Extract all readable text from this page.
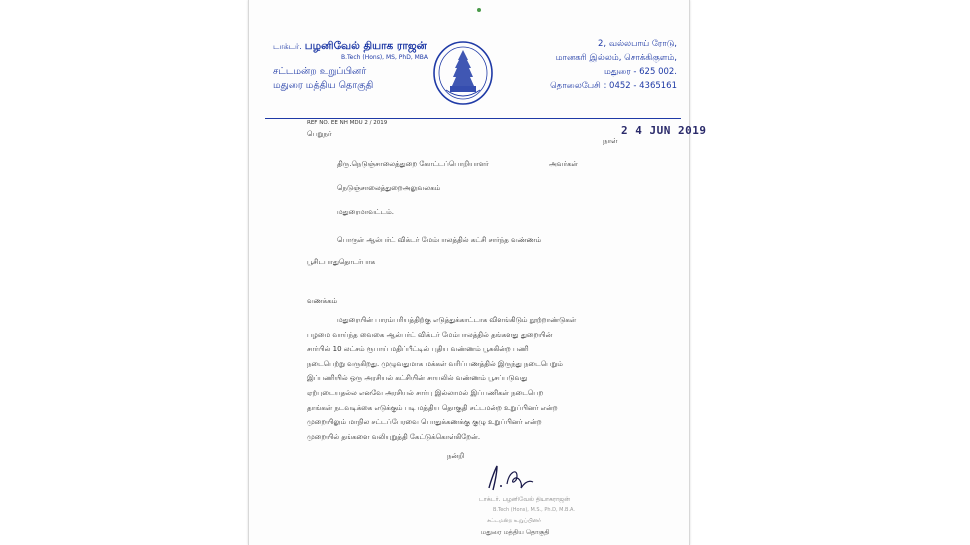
டாக்டர். பழனிவேல் தியாக ராஜன்
B.Tech (Hons), MS, PhD, MBA
சட்டமன்ற உறுப்பினர்
மதுரை மத்திய தொகுதி
2, வல்லபாய் ரோடு,
மானகரி இல்லம், சொக்கிகுளம்,
மதுரை - 625 002.
தொலைபேசி : 0452 - 4365161
REF NO. EE NH MDU 2 / 2019
பெறுநர்	2 4 JUN 2019
நாள்
திரு.நெடுஞ்சாலைத்துறை கோட்டப்பொறியாளர்	அவர்கள்
நெடுஞ்சாலைத்துறைஅலுவலகம்
மதுரைமாவட்டம்.
பொருள் ஆல்பர்ட் விக்டர் மேம்பாலத்தில் கட்சி சார்ந்த வண்ணம்
பூசிடபாதுதொடர்பாக
வணக்கம்
மதுரையின் பாரம்பரியத்திற்கு எடுத்துக்காட்டாக விளங்கிடும் நூற்றாண்டுகள்
பழமை வாய்ந்த வைகை ஆல்பர்ட் விக்டர் மேம்பாலத்தில் தங்களது துறையின்
சார்பில் 10 லட்சம் ரூபாய் மதிப்பீட்டில் புதிய வண்ணம் பூசுகின்ற பணி
நடைபெற்று வருகிறது. முழுவதுமாக மக்கள் வரிப்பணத்தில் இருந்து நடைபெறும்
இப்பணியில் ஒரு அரசியல் கட்சியின் சாயலில் வண்ணம் பூசப்படுவது
ஏற்புடையதல்ல எனவே அரசியல் சார்பு இல்லாமல் இப்பணிகள் நடைபெற
தாங்கள் நடவடிக்கை எடுக்கும் படி மத்திய தொகுதி சட்டமன்ற உறுப்பினர் என்ற
முறையிலும் மாநில சட்டப்பேரவை பொதுக்கணக்கு குழு உறுப்பினர் என்ற
முறையில் தங்களை வலியுறுத்தி கேட்டுக்கொள்கிறேன்.
நன்றி
டாக்டர். பழனிவேல் தியாகராஜன்
B.Tech (Hons), M.S., Ph.D, M.B.A.
சட்டமன்ற உறுப்பினர்
மதுரை மத்திய தொகுதி
